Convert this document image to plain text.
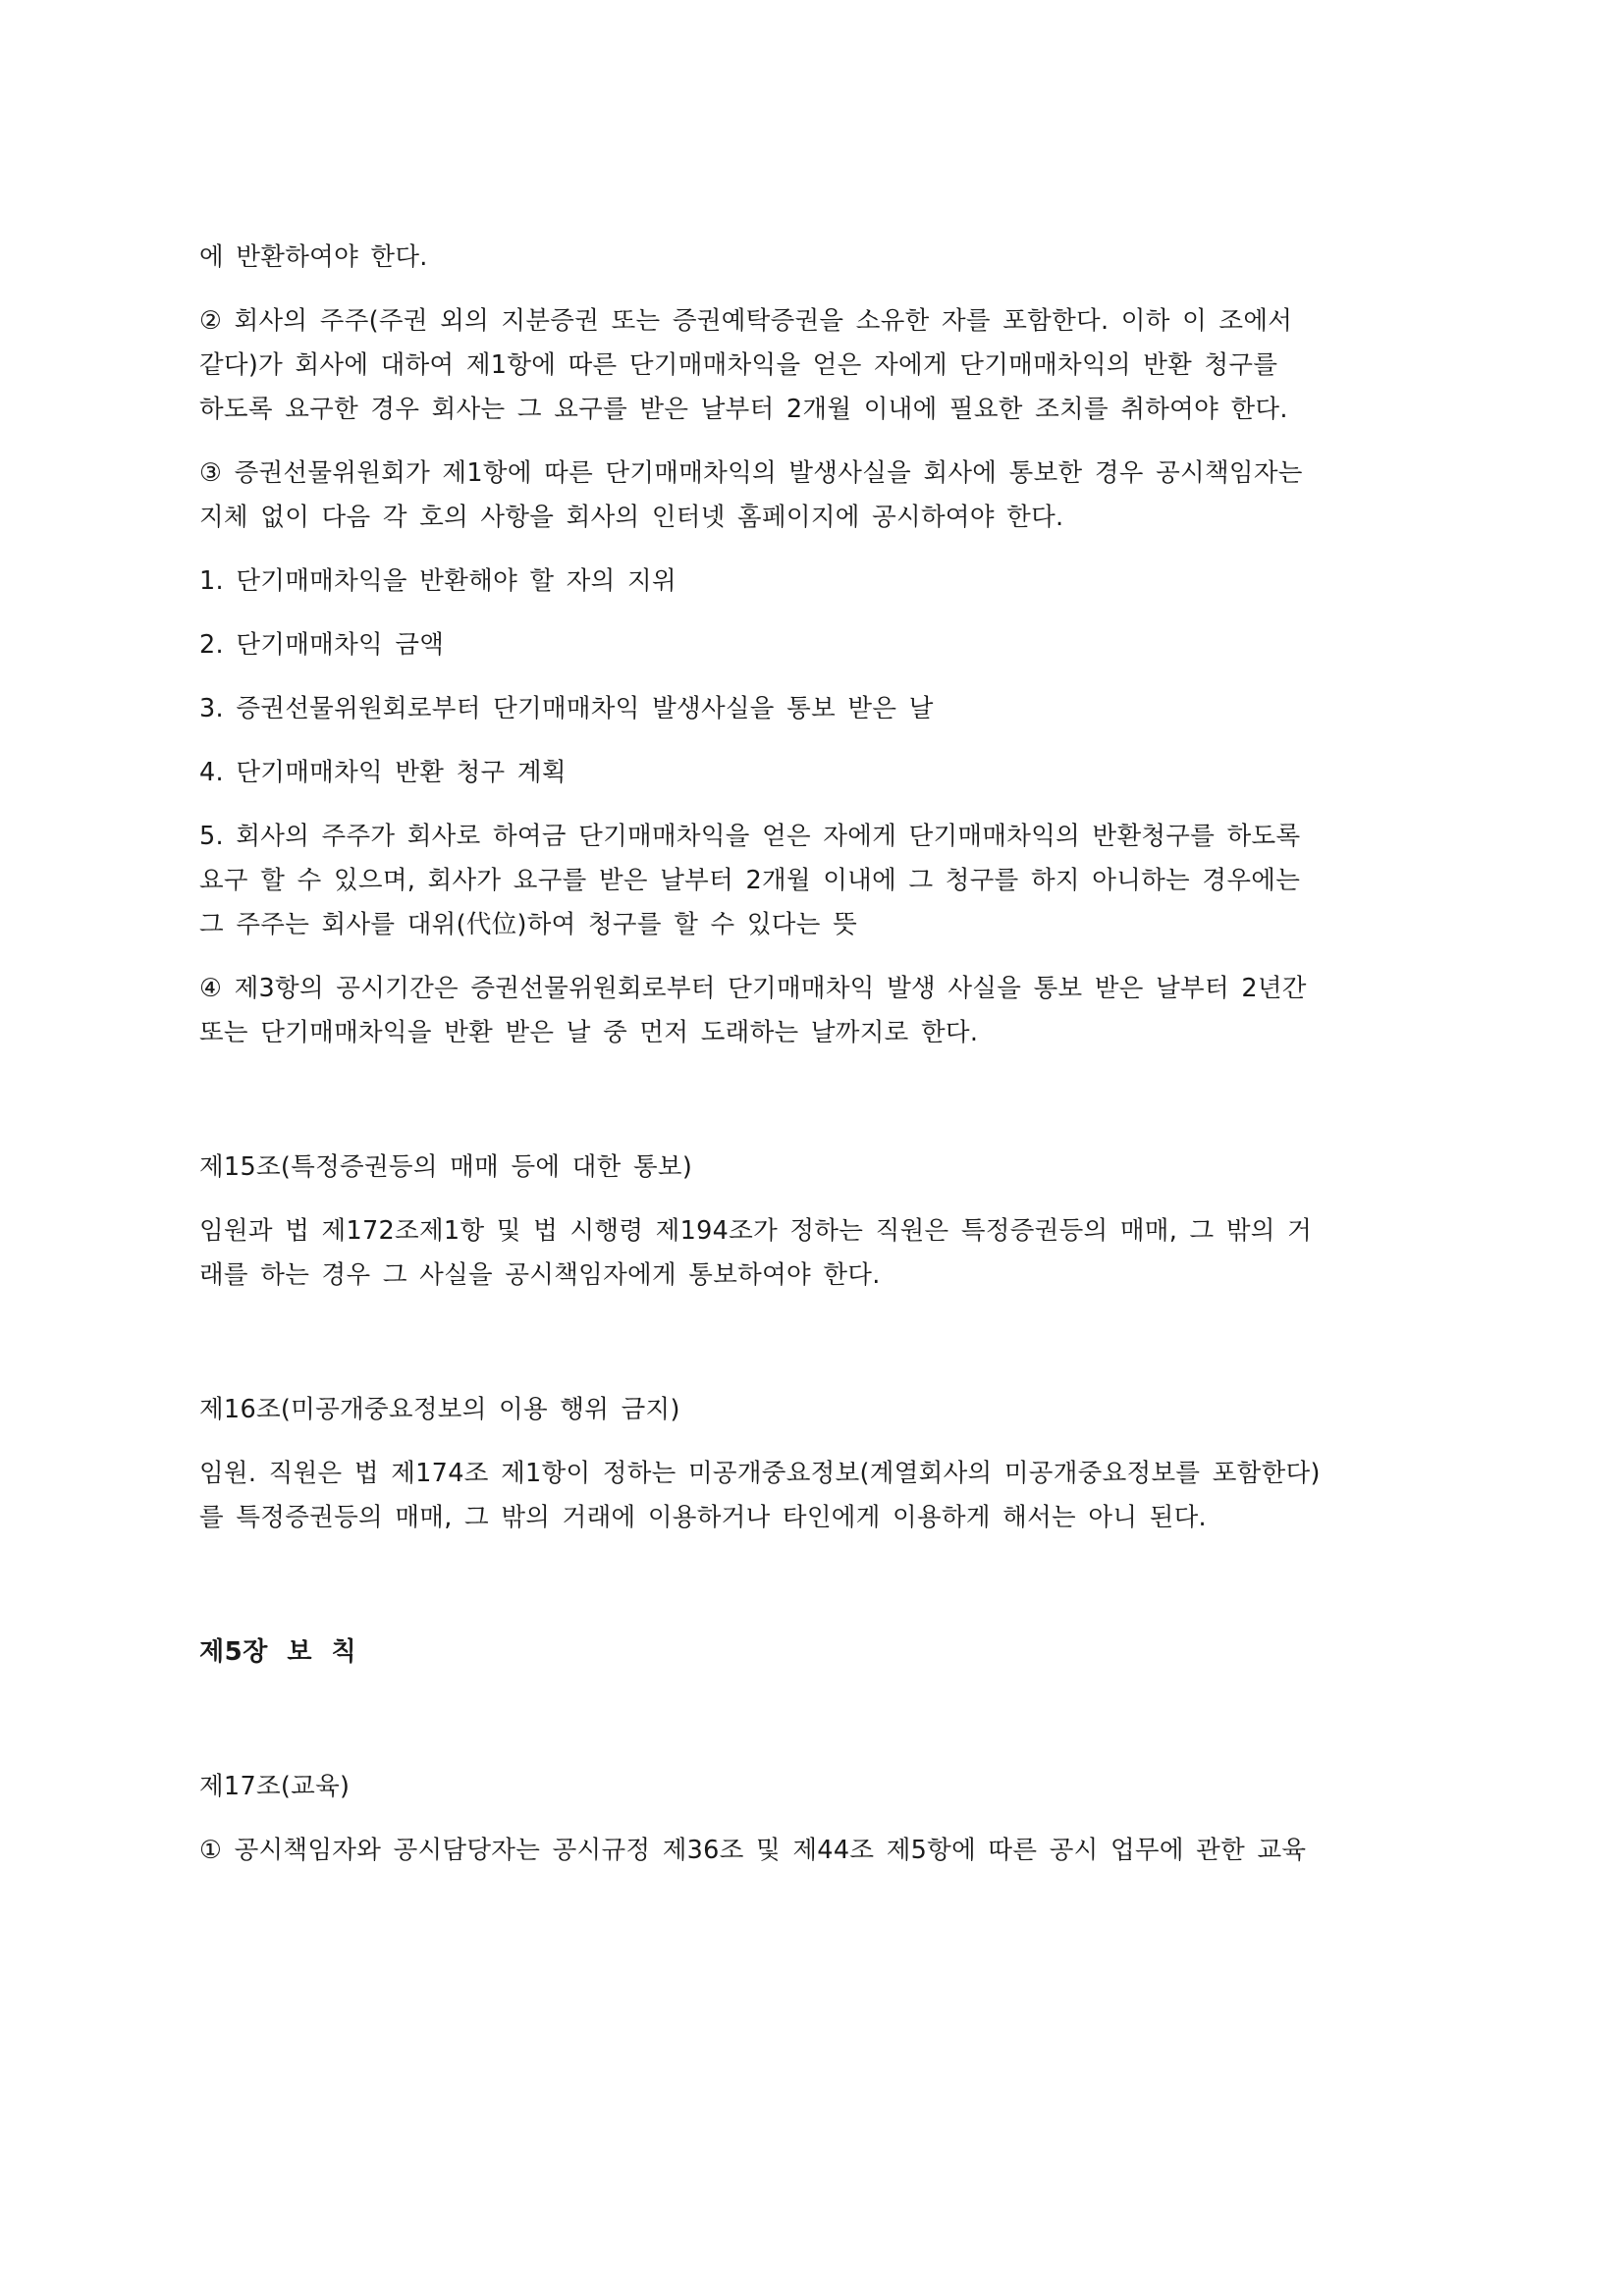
에 반환하여야 한다.

② 회사의 주주(주권 외의 지분증권 또는 증권예탁증권을 소유한 자를 포함한다. 이하 이 조에서
같다)가 회사에 대하여 제1항에 따른 단기매매차익을 얻은 자에게 단기매매차익의 반환 청구를
하도록 요구한 경우 회사는 그 요구를 받은 날부터 2개월 이내에 필요한 조치를 취하여야 한다.

③ 증권선물위원회가 제1항에 따른 단기매매차익의 발생사실을 회사에 통보한 경우 공시책임자는
지체 없이 다음 각 호의 사항을 회사의 인터넷 홈페이지에 공시하여야 한다.

1. 단기매매차익을 반환해야 할 자의 지위

2. 단기매매차익 금액

3. 증권선물위원회로부터 단기매매차익 발생사실을 통보 받은 날

4. 단기매매차익 반환 청구 계획

5. 회사의 주주가 회사로 하여금 단기매매차익을 얻은 자에게 단기매매차익의 반환청구를 하도록
요구 할 수 있으며, 회사가 요구를 받은 날부터 2개월 이내에 그 청구를 하지 아니하는 경우에는
그 주주는 회사를 대위(代位)하여 청구를 할 수 있다는 뜻

④ 제3항의 공시기간은 증권선물위원회로부터 단기매매차익 발생 사실을 통보 받은 날부터 2년간
또는 단기매매차익을 반환 받은 날 중 먼저 도래하는 날까지로 한다.

제15조(특정증권등의 매매 등에 대한 통보)

임원과 법 제172조제1항 및 법 시행령 제194조가 정하는 직원은 특정증권등의 매매, 그 밖의 거
래를 하는 경우 그 사실을 공시책임자에게 통보하여야 한다.

제16조(미공개중요정보의 이용 행위 금지)

임원. 직원은 법 제174조 제1항이 정하는 미공개중요정보(계열회사의 미공개중요정보를 포함한다)
를 특정증권등의 매매, 그 밖의 거래에 이용하거나 타인에게 이용하게 해서는 아니 된다.

제5장 보 칙

제17조(교육)

① 공시책임자와 공시담당자는 공시규정 제36조 및 제44조 제5항에 따른 공시 업무에 관한 교육
